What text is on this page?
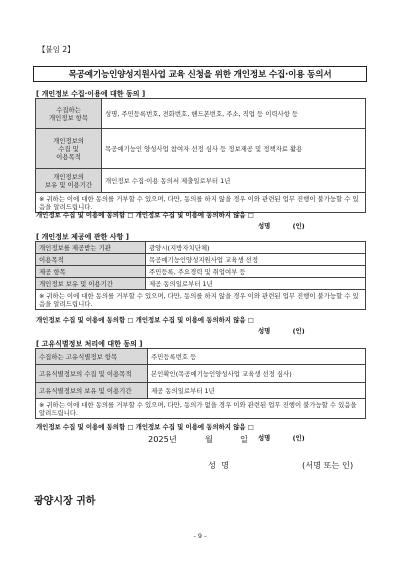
【붙임 2】
목공예기능인양성지원사업 교육 신청을 위한 개인정보 수집·이용 동의서
[ 개인정보 수집·이용에 대한 동의 ]
수집하는
개인정보 항목	성명, 주민등록번호, 전화번호, 핸드폰번호, 주소, 직업 등 이력사항 등
개인정보의
수집 및
이용목적	목공예기능인 양성사업 참여자 선정 심사 등 정보제공 및 정책자료 활용
개인정보의
보유 및 이용기간	개인정보 수집·이용 동의서 제출일로부터 1년
※ 귀하는 이에 대한 동의를 거부할 수 있으며, 다만, 동의를 하지 않을 경우 이와 관련된 업무 진행이 불가능할 수 있음을 알려드립니다.	
개인정보 수집 및 이용에 동의함 □ 개인정보 수집 및 이용에 동의하지 않음 □
성명          (인)
[ 개인정보 제공에 관한 사항 ]
개인정보를 제공받는 기관	광양시(지방자치단체)
이용목적	목공예기능인양성지원사업 교육생 선정
제공 항목	주민등록, 주요경력 및 취업여부 등
개인정보 보유 및 이용기간	제공 동의일로부터 1년
※ 귀하는 이에 대한 동의를 거부할 수 있으며, 다만, 동의를 하지 않을 경우 이와 관련된 업무 진행이 불가능할 수 있음을 알려드립니다.	
개인정보 수집 및 이용에 동의함 □ 개인정보 수집 및 이용에 동의하지 않음 □
성명          (인)
[ 고유식별정보 처리에 대한 동의 ]
수집하는 고유식별정보 항목	주민등록번호 등
고유식별정보의 수집 및 이용목적	본인확인(목공예기능인양성사업 교육생 선정 심사)
고유식별정보의 보유 및 이용기간	제공 동의일로부터 1년
※ 귀하는 이에 대한 동의를 거부할 수 있으며, 다만, 동의가 없을 경우 이와 관련된 업무 진행이 불가능할 수 있음을 알려드립니다.	
개인정보 수집 및 이용에 동의함 □ 개인정보 수집 및 이용에 동의하지 않음 □
성명          (인)
2025년	월	일
성  명	(서명 또는 인)
광양시장 귀하
- 9 -
